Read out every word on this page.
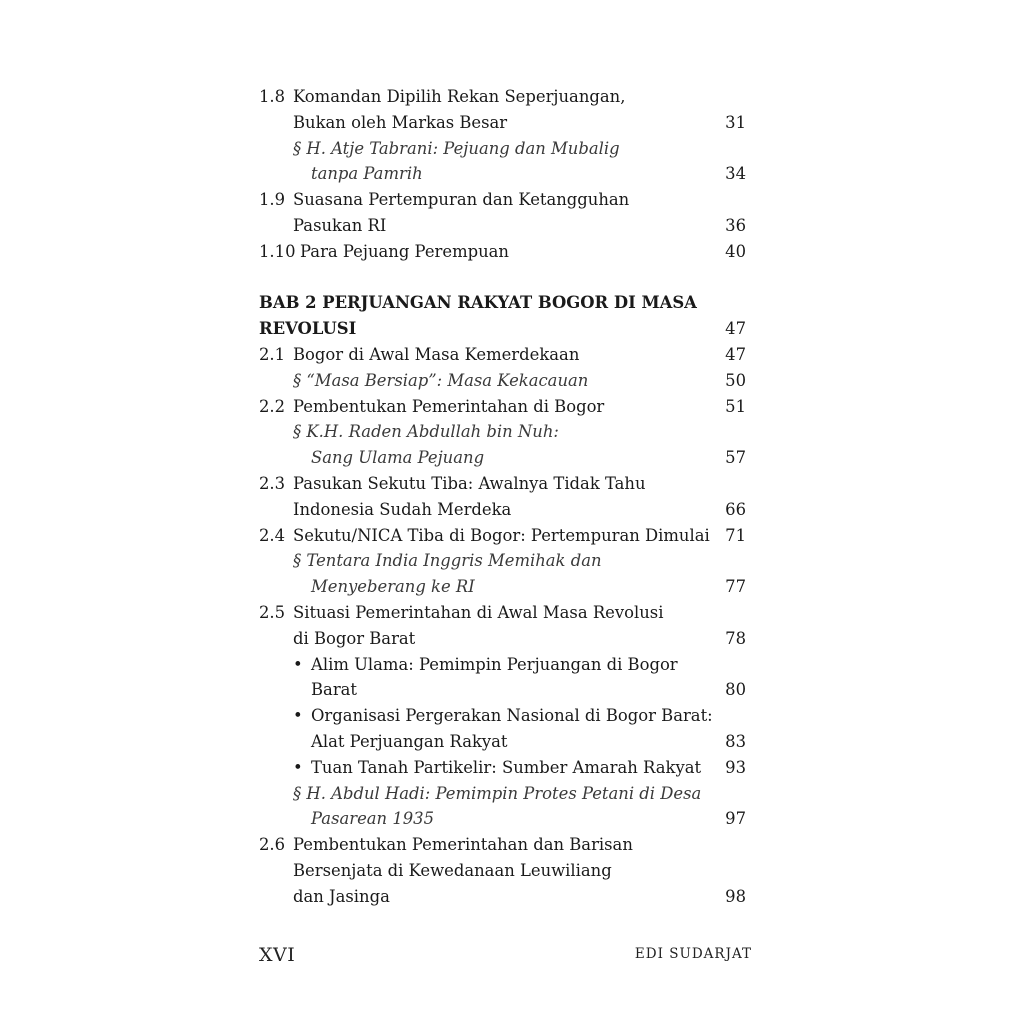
1.8 Komandan Dipilih Rekan Seperjuangan,
Bukan oleh Markas Besar	31
§ H. Atje Tabrani: Pejuang dan Mubalig
tanpa Pamrih	34
1.9 Suasana Pertempuran dan Ketangguhan
Pasukan RI	36
1.10 Para Pejuang Perempuan	40
BAB 2 PERJUANGAN RAKYAT BOGOR DI MASA
REVOLUSI	47
2.1 Bogor di Awal Masa Kemerdekaan	47
§ “Masa Bersiap”: Masa Kekacauan	50
2.2 Pembentukan Pemerintahan di Bogor	51
§ K.H. Raden Abdullah bin Nuh:
Sang Ulama Pejuang	57
2.3 Pasukan Sekutu Tiba: Awalnya Tidak Tahu
Indonesia Sudah Merdeka	66
2.4 Sekutu/NICA Tiba di Bogor: Pertempuran Dimulai 71
§ Tentara India Inggris Memihak dan
Menyeberang ke RI	77
2.5 Situasi Pemerintahan di Awal Masa Revolusi
di Bogor Barat	78
• Alim Ulama: Pemimpin Perjuangan di Bogor
Barat	80
• Organisasi Pergerakan Nasional di Bogor Barat:
Alat Perjuangan Rakyat	83
• Tuan Tanah Partikelir: Sumber Amarah Rakyat 93
§ H. Abdul Hadi: Pemimpin Protes Petani di Desa
Pasarean 1935	97
2.6 Pembentukan Pemerintahan dan Barisan
Bersenjata di Kewedanaan Leuwiliang
dan Jasinga	98
XVI	EDI SUDARJAT
